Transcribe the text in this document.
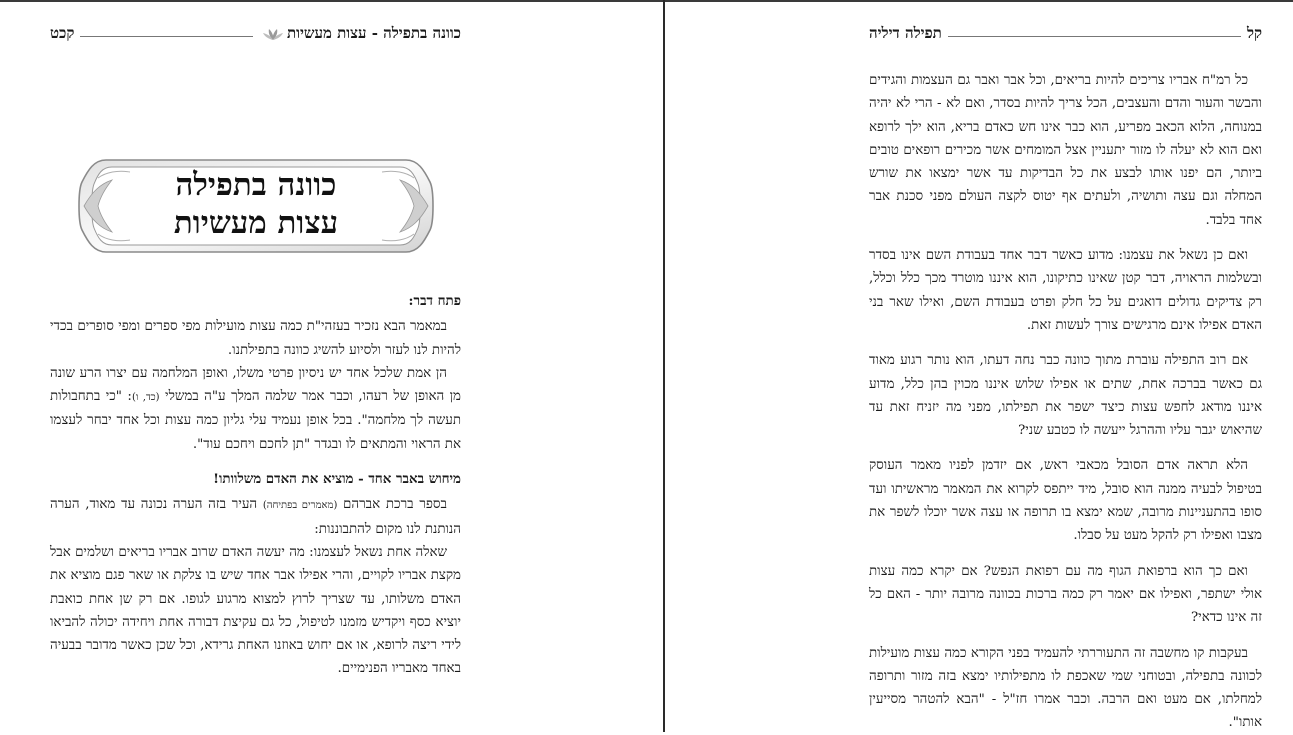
כוונה בתפילה - עצות מעשיות
קכט
כוונה בתפילה
עצות מעשיות

פתח דבר:

במאמר הבא נזכיר בעזהי"ת כמה עצות מועילות מפי ספרים ומפי סופרים בכדי להיות לנו לעזר ולסיוע להשיג כוונה בתפילתנו.

הן אמת שלכל אחד יש ניסיון פרטי משלו, ואופן המלחמה עם יצרו הרע שונה מן האופן של רעהו, וכבר אמר שלמה המלך ע"ה במשלי (כד, ו): "כי בתחבולות תעשה לך מלחמה". בכל אופן נעמיד עלי גליון כמה עצות וכל אחד יבחר לעצמו את הראוי והמתאים לו ובגדר "תן לחכם ויחכם עוד".

מיחוש באבר אחד - מוציא את האדם משלוותו!

בספר ברכת אברהם (מאמרים בפתיחה) העיר בזה הערה נכונה עד מאוד, הערה הנותנת לנו מקום להתבוננות:

שאלה אחת נשאל לעצמנו: מה יעשה האדם שרוב אבריו בריאים ושלמים אבל מקצת אבריו לקויים, והרי אפילו אבר אחד שיש בו צלקת או שאר פגם מוציא את האדם משלותו, עד שצריך לרוץ למצוא מרגוע לגופו. אם רק שן אחת כואבת יוציא כסף ויקדיש מזמנו לטיפול, כל גם עקיצת דבורה אחת ויחידה יכולה להביאו לידי ריצה לרופא, או אם יחוש באוזנו האחת גרידא, וכל שכן כאשר מדובר בבעיה באחד מאבריו הפנימיים.

קל
תפילה דיליה

כל רמ"ח אבריו צריכים להיות בריאים, וכל אבר ואבר גם העצמות והגידים והבשר והעור והדם והעצבים, הכל צריך להיות בסדר, ואם לא - הרי לא יהיה במנוחה, הלוא הכאב מפריע, הוא כבר אינו חש כאדם בריא, הוא ילך לרופא ואם הוא לא יעלה לו מזור יתעניין אצל המומחים אשר מכירים רופאים טובים ביותר, הם יפנו אותו לבצע את כל הבדיקות עד אשר ימצאו את שורש המחלה וגם עצה ותושיה, ולעתים אף יטוס לקצה העולם מפני סכנת אבר אחד בלבד.

ואם כן נשאל את עצמנו: מדוע כאשר דבר אחד בעבודת השם אינו בסדר ובשלמות הראויה, דבר קטן שאינו כתיקונו, הוא איננו מוטרד מכך כלל וכלל, רק צדיקים גדולים דואגים על כל חלק ופרט בעבודת השם, ואילו שאר בני האדם אפילו אינם מרגישים צורך לעשות זאת.

אם רוב התפילה עוברת מתוך כוונה כבר נחה דעתו, הוא נותר רגוע מאוד גם כאשר בברכה אחת, שתים או אפילו שלוש איננו מכוין בהן כלל, מדוע איננו מודאג לחפש עצות כיצד ישפר את תפילתו, מפני מה יזניח זאת עד שהיאוש יגבר עליו וההרגל ייעשה לו כטבע שני?

הלא תראה אדם הסובל מכאבי ראש, אם יזדמן לפניו מאמר העוסק בטיפול לבעיה ממנה הוא סובל, מיד ייתפס לקרוא את המאמר מראשיתו ועד סופו בהתעניינות מרובה, שמא ימצא בו תרופה או עצה אשר יוכלו לשפר את מצבו ואפילו רק להקל מעט על סבלו.

ואם כך הוא ברפואת הגוף מה עם רפואת הנפש? אם יקרא כמה עצות אולי ישתפר, ואפילו אם יאמר רק כמה ברכות בכוונה מרובה יותר - האם כל זה אינו כדאי?

בעקבות קו מחשבה זה התעוררתי להעמיד בפני הקורא כמה עצות מועילות לכוונה בתפילה, ובטוחני שמי שאכפת לו מתפילותיו ימצא בזה מזור ותרופה למחלתו, אם מעט ואם הרבה. וכבר אמרו חז"ל - "הבא להטהר מסייעין אותו".
